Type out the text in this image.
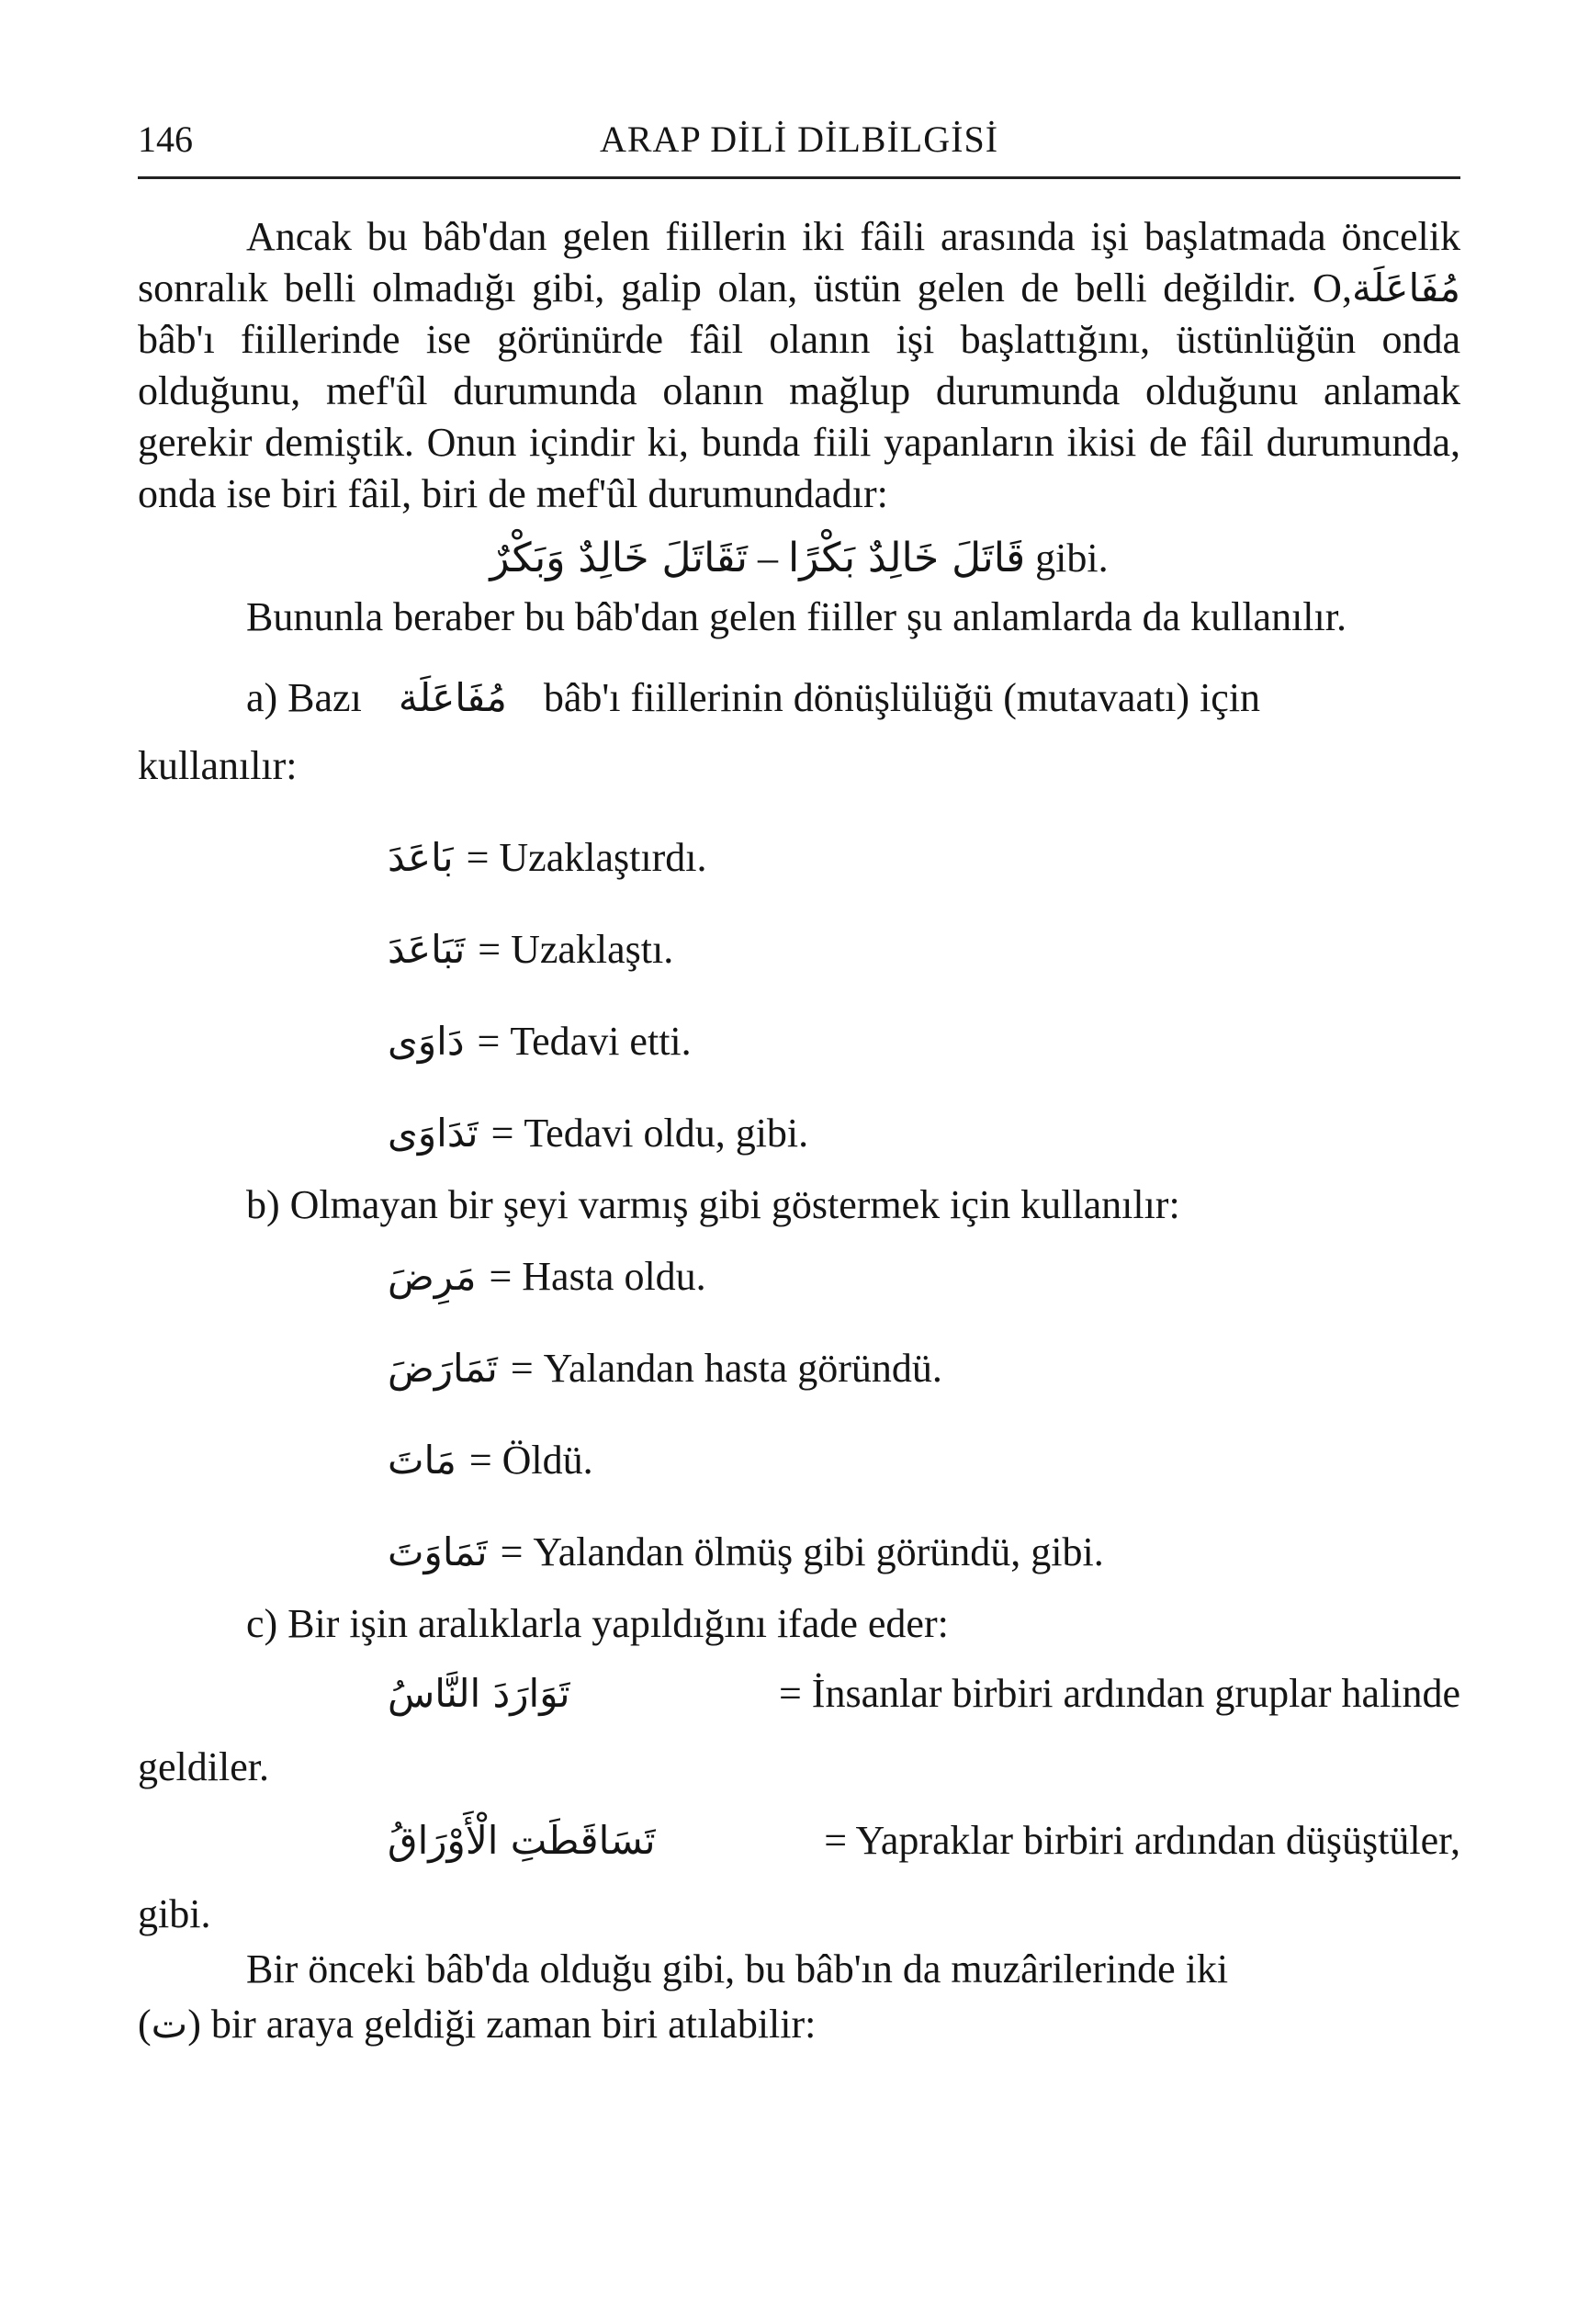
146	ARAP DİLİ DİLBİLGİSİ

Ancak bu bâb'dan gelen fiillerin iki fâili arasında işi başlatmada öncelik sonralık belli olmadığı gibi, galip olan, üstün gelen de belli değildir. O,مُفَاعَلَة bâb'ı fiillerinde ise görünürde fâil olanın işi başlattığını, üstünlüğün onda olduğunu, mef'ûl durumunda olanın mağlup durumunda olduğunu anlamak gerekir demiştik. Onun içindir ki, bunda fiili yapanların ikisi de fâil durumunda, onda ise biri fâil, biri de mef'ûl durumundadır:

تَقَاتَلَ خَالِدٌ وَبَكْرٌ – قَاتَلَ خَالِدٌ بَكْرًا gibi.

Bununla beraber bu bâb'dan gelen fiiller şu anlamlarda da kullanılır.

a) Bazı مُفَاعَلَة bâb'ı fiillerinin dönüşlülüğü (mutavaatı) için

kullanılır:

بَاعَدَ = Uzaklaştırdı.

تَبَاعَدَ = Uzaklaştı.

دَاوَى = Tedavi etti.

تَدَاوَى = Tedavi oldu, gibi.

b) Olmayan bir şeyi varmış gibi göstermek için kullanılır:

مَرِضَ = Hasta oldu.

تَمَارَضَ = Yalandan hasta göründü.

مَاتَ = Öldü.

تَمَاوَتَ = Yalandan ölmüş gibi göründü, gibi.

c) Bir işin aralıklarla yapıldığını ifade eder:

تَوَارَدَ النَّاسُ	= İnsanlar birbiri ardından gruplar halinde

geldiler.

تَسَاقَطَتِ الْأَوْرَاقُ	= Yapraklar birbiri ardından düşüştüler,

gibi.

Bir önceki bâb'da olduğu gibi, bu bâb'ın da muzârilerinde iki

(ت) bir araya geldiği zaman biri atılabilir:
